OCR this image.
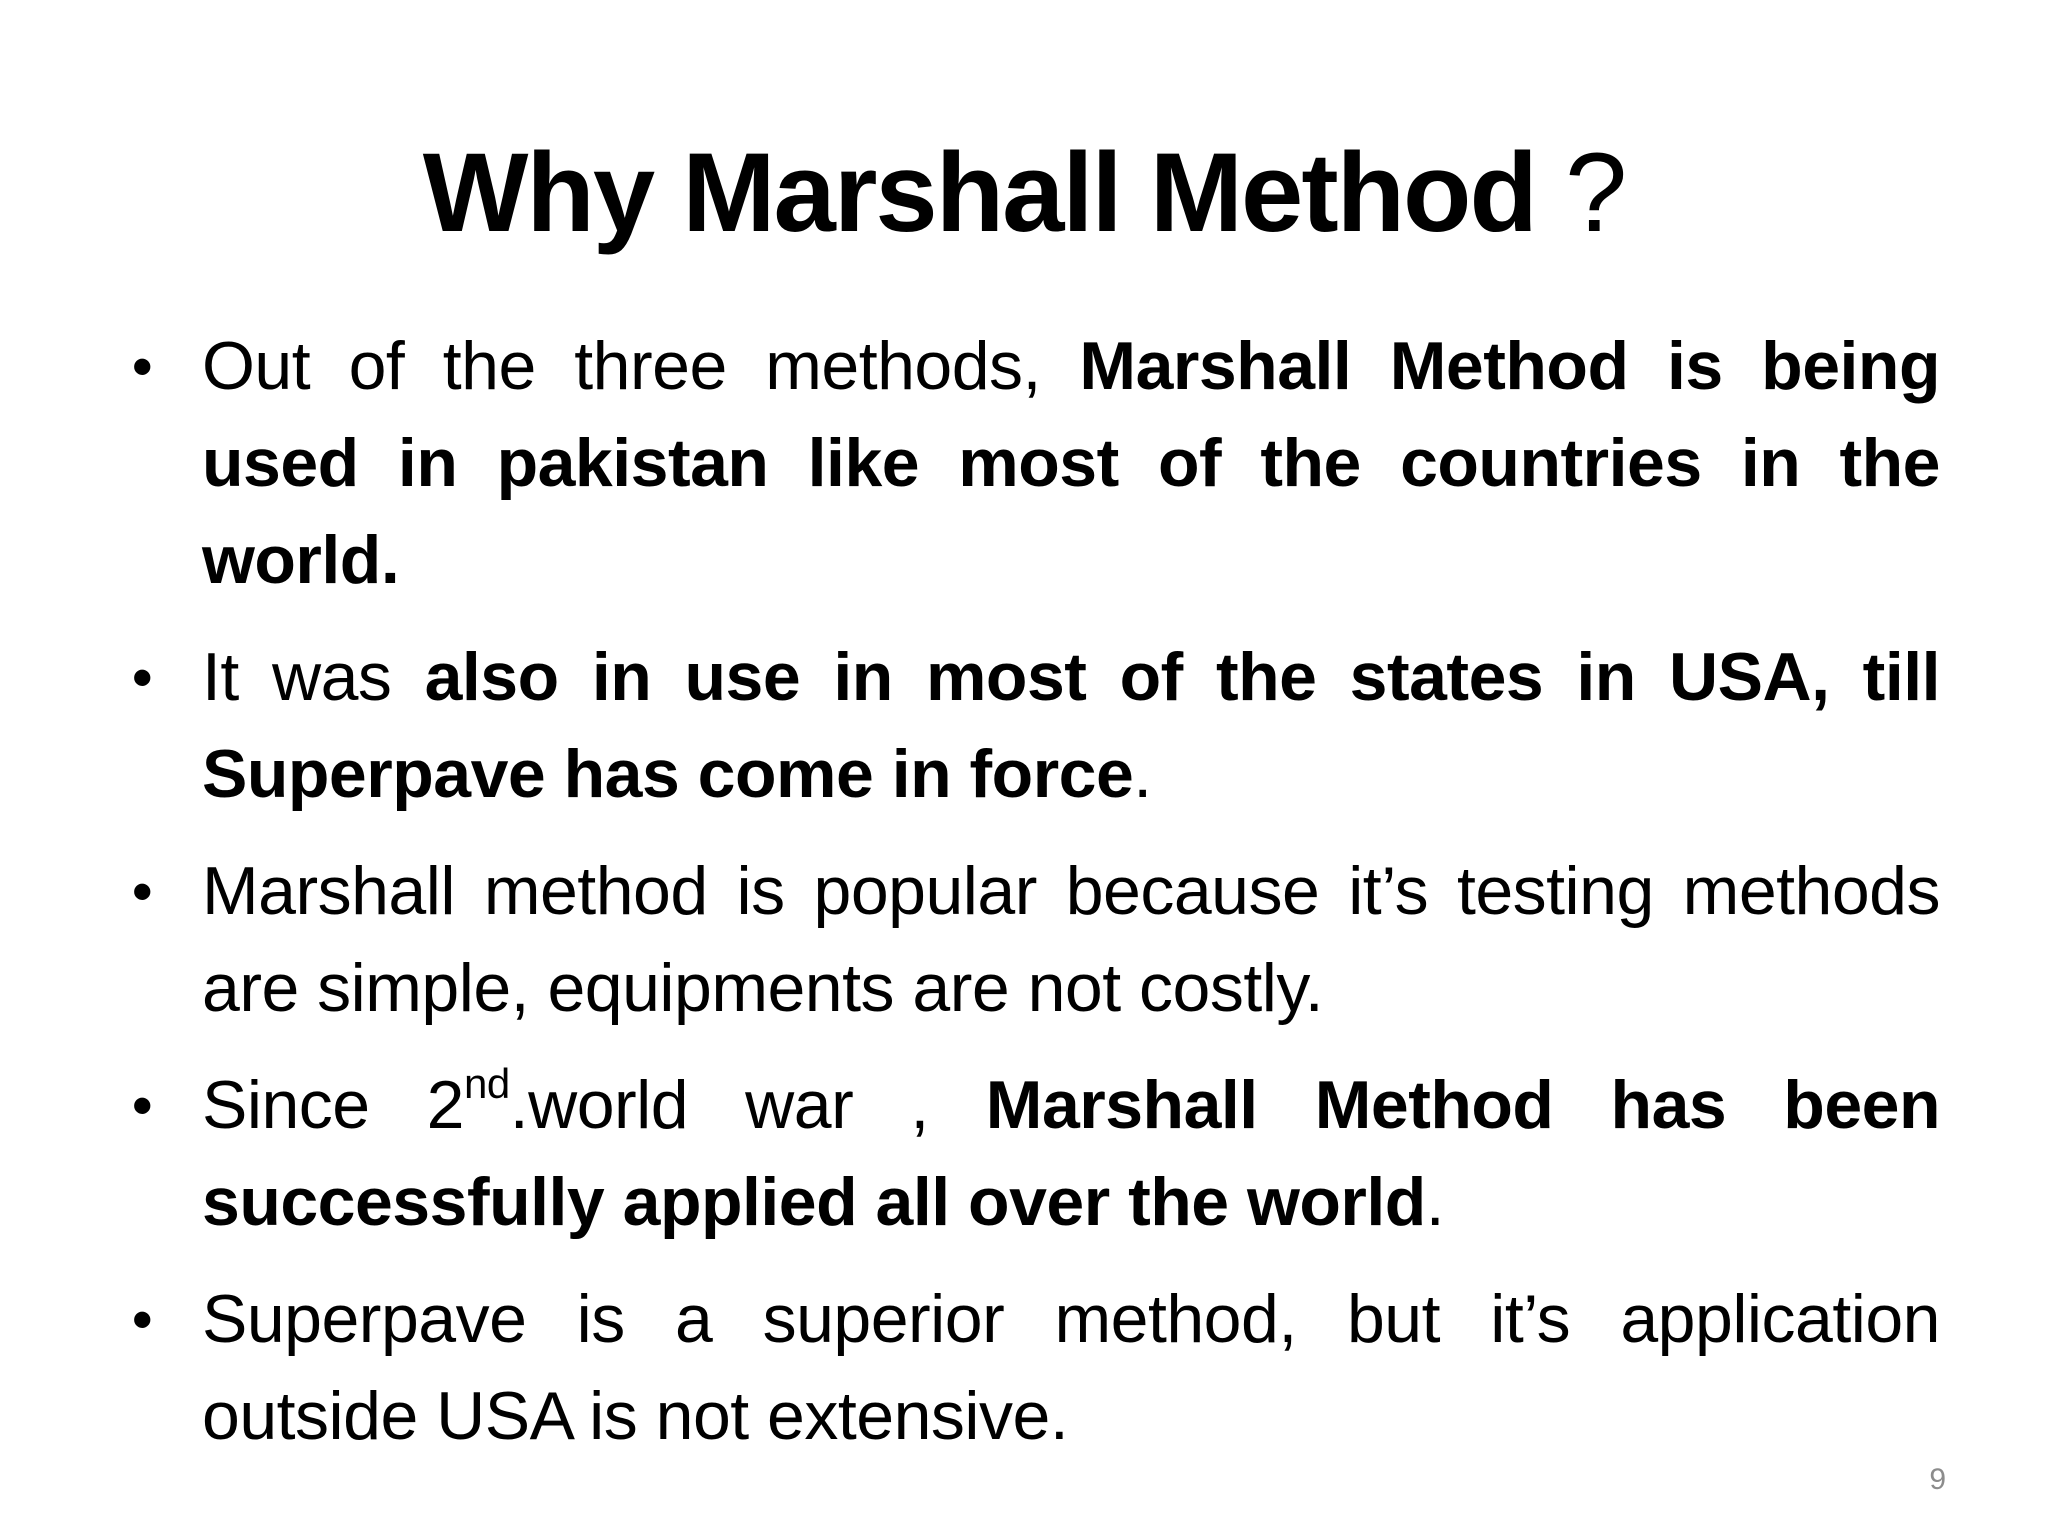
Why Marshall Method ?
• Out of the three methods, Marshall Method is being used in pakistan like most of the countries in the world.
• It was also in use in most of the states in USA, till Superpave has come in force.
• Marshall method is popular because it’s testing methods are simple, equipments are not costly.
• Since 2nd.world war , Marshall Method has been successfully applied all over the world.
• Superpave is a superior method, but it’s application outside USA is not extensive.
9
